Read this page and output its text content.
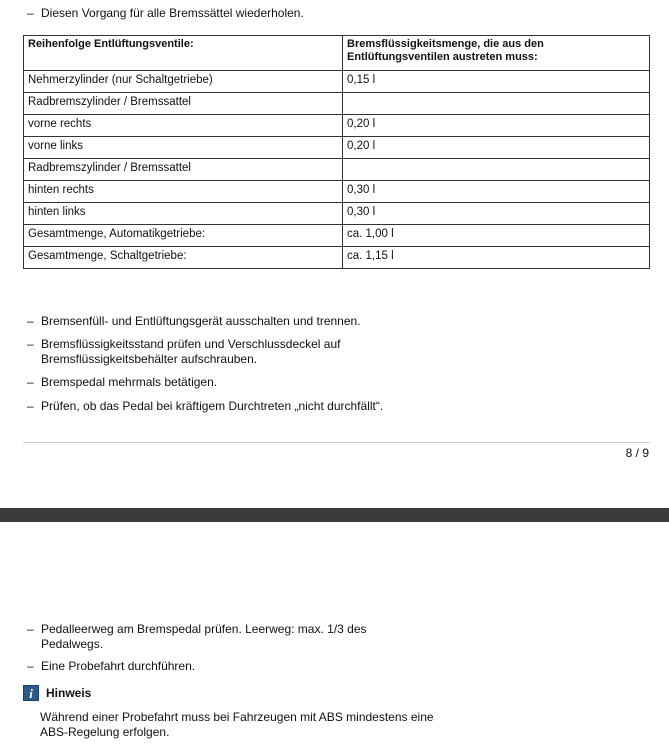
– Diesen Vorgang für alle Bremssättel wiederholen.
Reihenfolge Entlüftungsventile:	Bremsflüssigkeitsmenge, die aus den Entlüftungsventilen austreten muss:
Nehmerzylinder (nur Schaltgetriebe)	0,15 l
Radbremszylinder / Bremssattel	
vorne rechts	0,20 l
vorne links	0,20 l
Radbremszylinder / Bremssattel	
hinten rechts	0,30 l
hinten links	0,30 l
Gesamtmenge, Automatikgetriebe:	ca. 1,00 l
Gesamtmenge, Schaltgetriebe:	ca. 1,15 l
– Bremsenfüll- und Entlüftungsgerät ausschalten und trennen.
– Bremsflüssigkeitsstand prüfen und Verschlussdeckel auf Bremsflüssigkeitsbehälter aufschrauben.
– Bremspedal mehrmals betätigen.
– Prüfen, ob das Pedal bei kräftigem Durchtreten „nicht durchfällt“.
8 / 9
– Pedalleerweg am Bremspedal prüfen. Leerweg: max. 1/3 des Pedalwegs.
– Eine Probefahrt durchführen.
i	Hinweis
Während einer Probefahrt muss bei Fahrzeugen mit ABS mindestens eine ABS-Regelung erfolgen.
